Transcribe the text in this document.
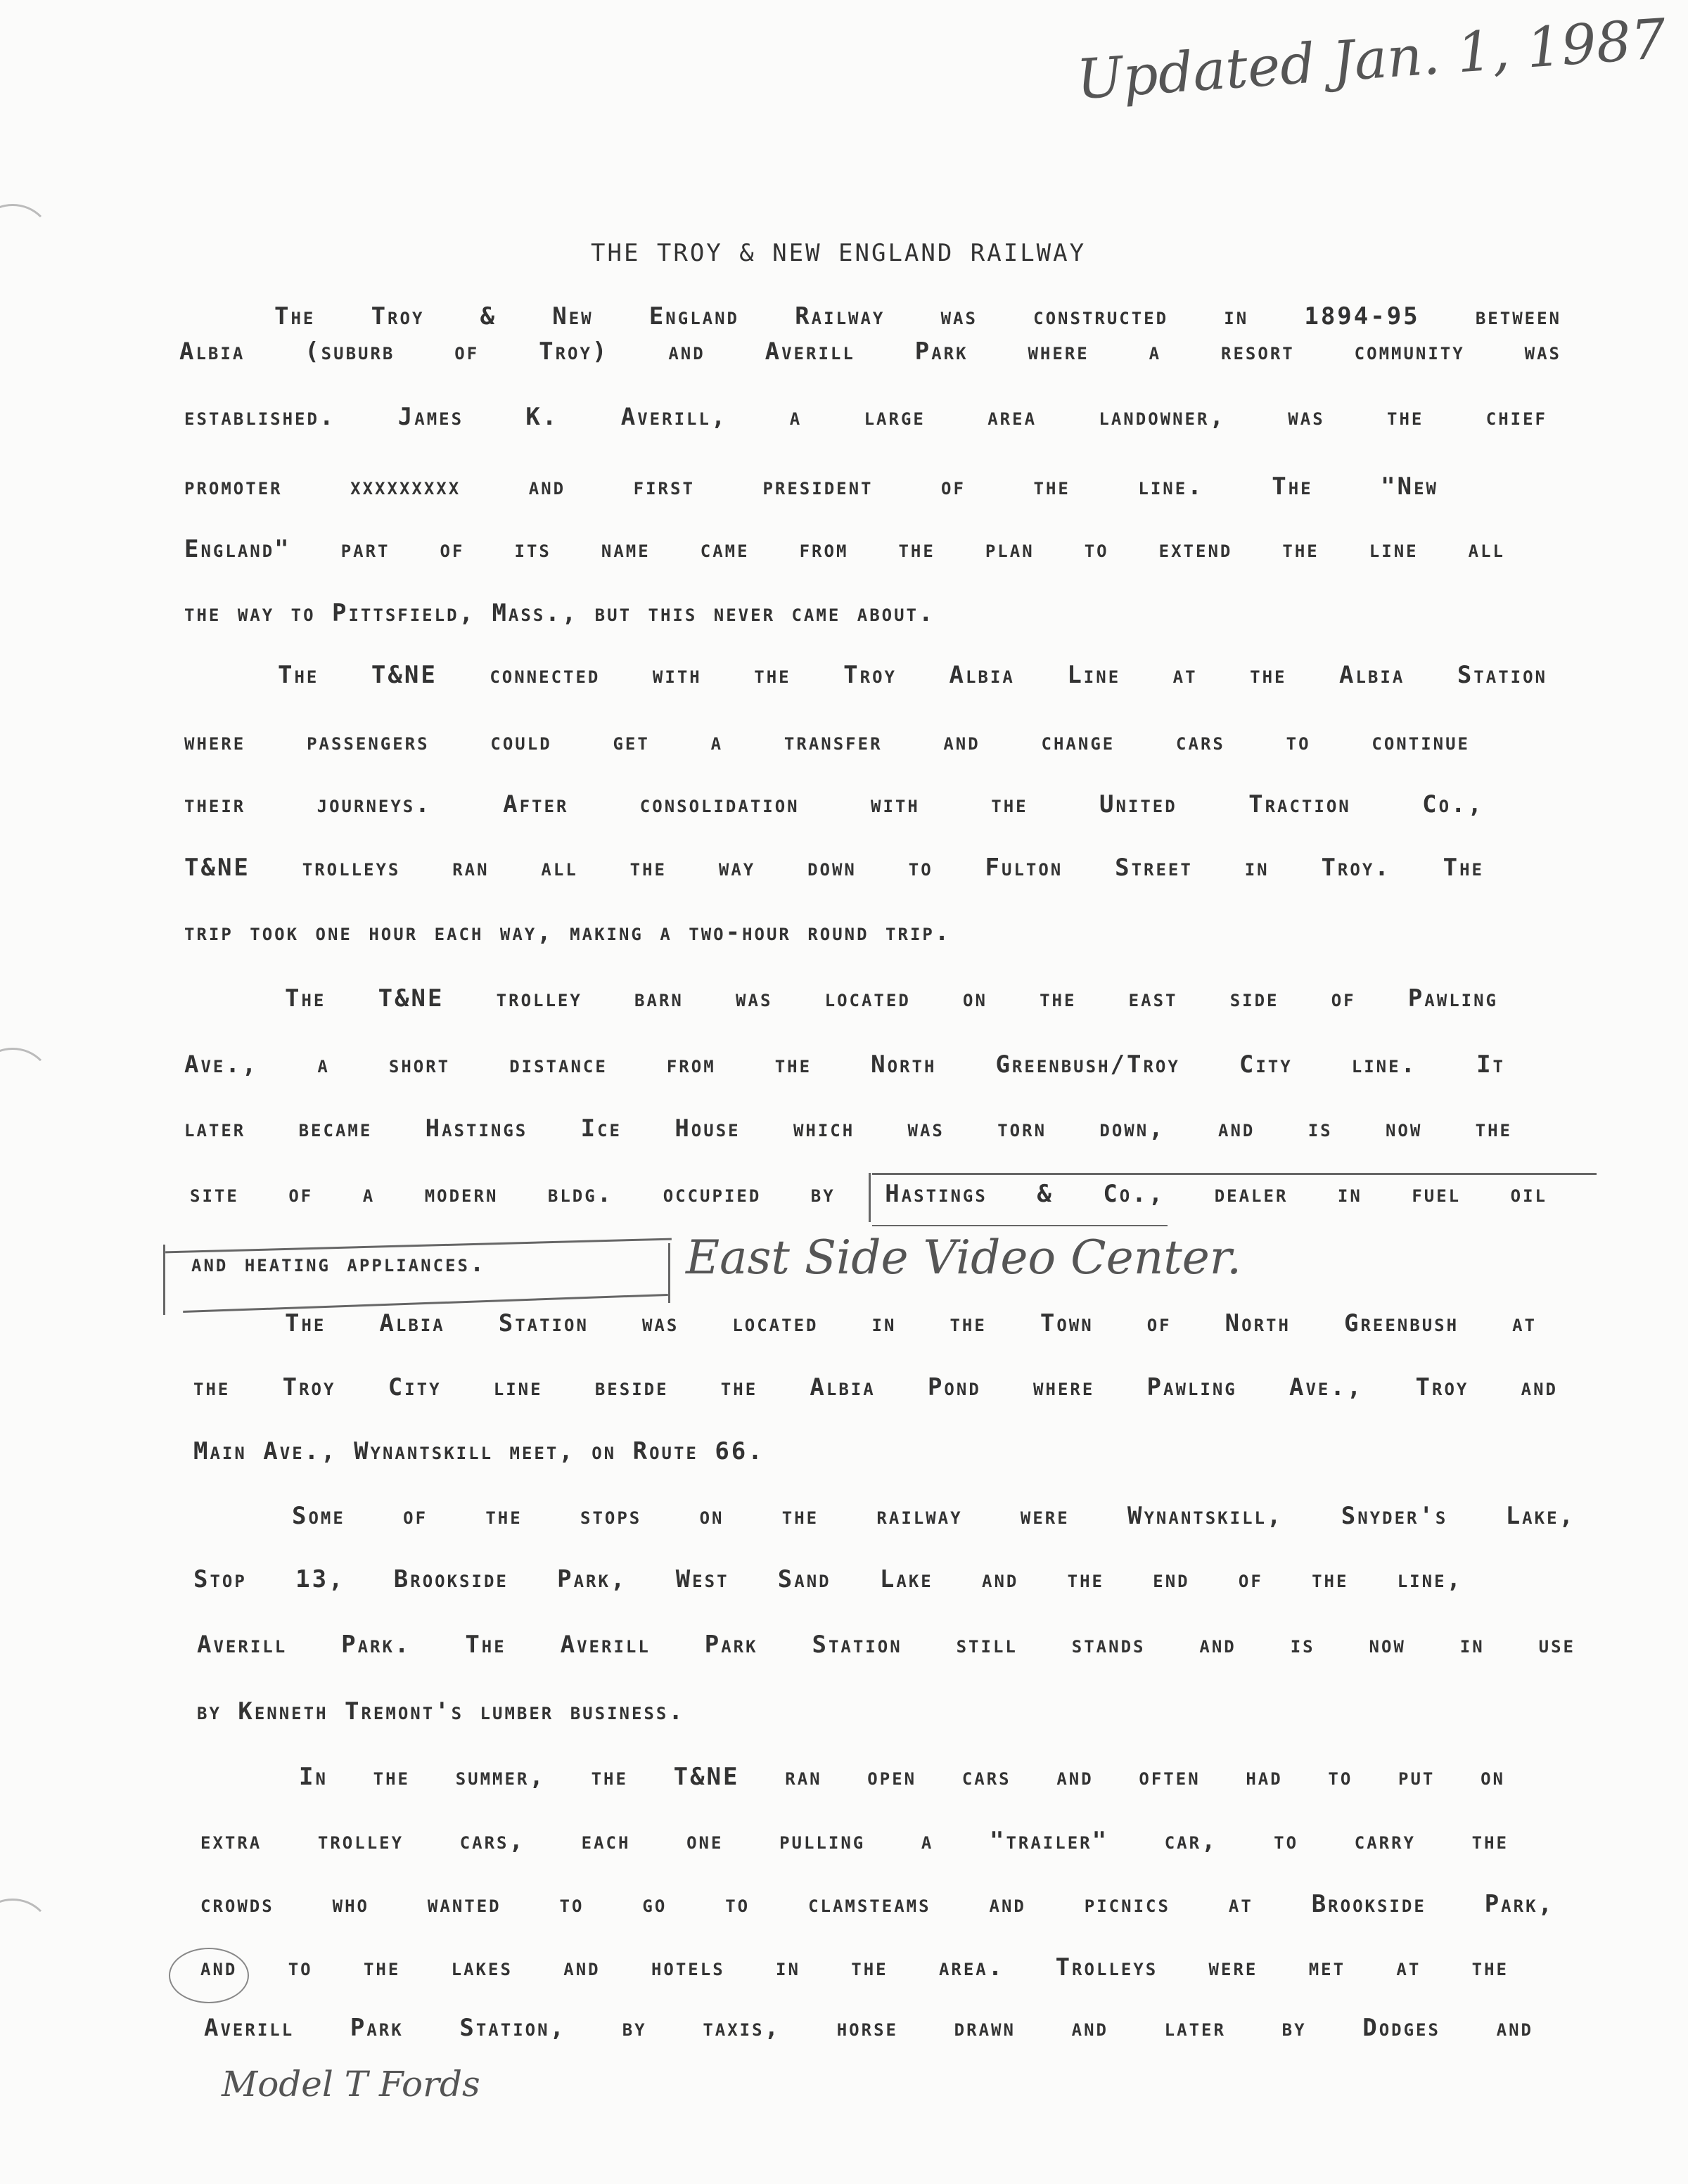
Updated Jan. 1, 1987
THE TROY & NEW ENGLAND RAILWAY
The Troy & New England Railway was constructed in 1894-95 between
Albia (suburb of Troy) and Averill Park where a resort community was
established. James K. Averill, a large area landowner, was the chief
promoter xxxxxxxxx and first president of the line. The "New
England" part of its name came from the plan to extend the line all
the way to Pittsfield, Mass., but this never came about.
The T&NE connected with the Troy Albia Line at the Albia Station
where passengers could get a transfer and change cars to continue
their journeys. After consolidation with the United Traction Co.,
T&NE trolleys ran all the way down to Fulton Street in Troy. The
trip took one hour each way, making a two-hour round trip.
The T&NE trolley barn was located on the east side of Pawling
Ave., a short distance from the North Greenbush/Troy City line. It
later became Hastings Ice House which was torn down, and is now the
site of a modern bldg. occupied by Hastings & Co., dealer in fuel oil
and heating appliances.
The Albia Station was located in the Town of North Greenbush at
the Troy City line beside the Albia Pond where Pawling Ave., Troy and
Main Ave., Wynantskill meet, on Route 66.
Some of the stops on the railway were Wynantskill, Snyder's Lake,
Stop 13, Brookside Park, West Sand Lake and the end of the line,
Averill Park. The Averill Park Station still stands and is now in use
by Kenneth Tremont's lumber business.
In the summer, the T&NE ran open cars and often had to put on
extra trolley cars, each one pulling a "trailer" car, to carry the
crowds who wanted to go to clamsteams and picnics at Brookside Park,
and to the lakes and hotels in the area. Trolleys were met at the
Averill Park Station, by taxis, horse drawn and later by Dodges and
East Side Video Center.
Model T Fords
